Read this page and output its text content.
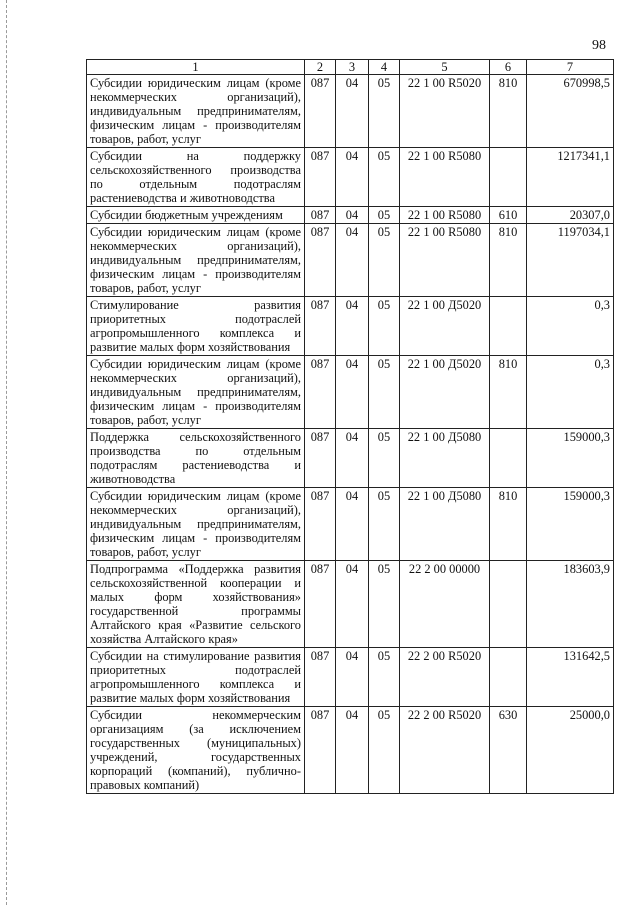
98
1	2	3	4	5	6	7
Субсидии юридическим лицам (кроме некоммерческих организаций), индивидуальным предпринимателям, физическим лицам - производителям товаров, работ, услуг	087	04	05	22 1 00 R5020	810	670998,5
Субсидии на поддержку сельскохозяйственного производства по отдельным подотраслям растениеводства и животноводства	087	04	05	22 1 00 R5080		1217341,1
Субсидии бюджетным учреждениям	087	04	05	22 1 00 R5080	610	20307,0
Субсидии юридическим лицам (кроме некоммерческих организаций), индивидуальным предпринимателям, физическим лицам - производителям товаров, работ, услуг	087	04	05	22 1 00 R5080	810	1197034,1
Стимулирование развития приоритетных подотраслей агропромышленного комплекса и развитие малых форм хозяйствования	087	04	05	22 1 00 Д5020		0,3
Субсидии юридическим лицам (кроме некоммерческих организаций), индивидуальным предпринимателям, физическим лицам - производителям товаров, работ, услуг	087	04	05	22 1 00 Д5020	810	0,3
Поддержка сельскохозяйственного производства по отдельным подотраслям растениеводства и животноводства	087	04	05	22 1 00 Д5080		159000,3
Субсидии юридическим лицам (кроме некоммерческих организаций), индивидуальным предпринимателям, физическим лицам - производителям товаров, работ, услуг	087	04	05	22 1 00 Д5080	810	159000,3
Подпрограмма «Поддержка развития сельскохозяйственной кооперации и малых форм хозяйствования» государственной программы Алтайского края «Развитие сельского хозяйства Алтайского края»	087	04	05	22 2 00 00000		183603,9
Субсидии на стимулирование развития приоритетных подотраслей агропромышленного комплекса и развитие малых форм хозяйствования	087	04	05	22 2 00 R5020		131642,5
Субсидии некоммерческим организациям (за исключением государственных (муниципальных) учреждений, государственных корпораций (компаний), публично-правовых компаний)	087	04	05	22 2 00 R5020	630	25000,0
